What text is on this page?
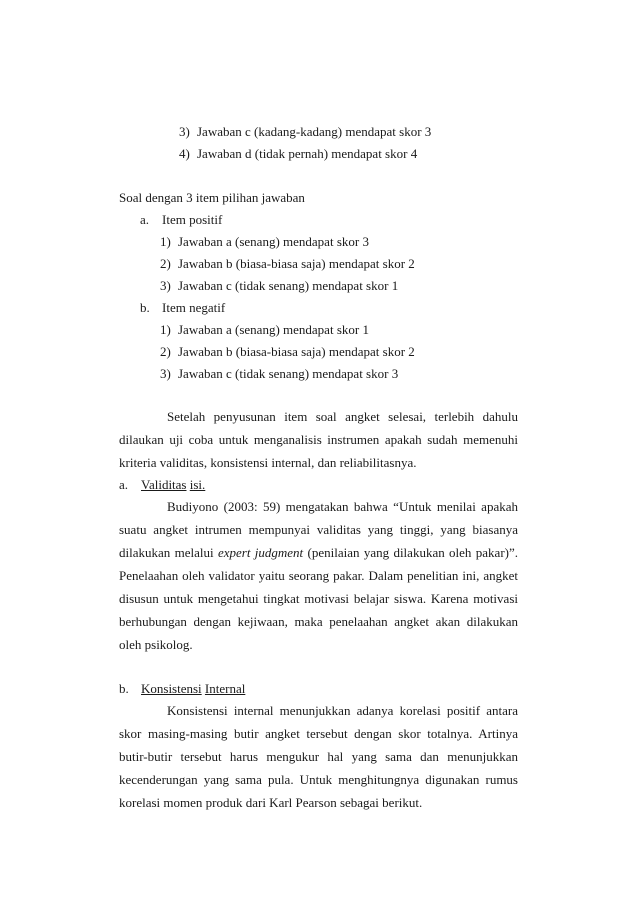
3) Jawaban c (kadang-kadang) mendapat skor 3
4) Jawaban d (tidak pernah) mendapat skor 4
Soal dengan 3 item pilihan jawaban
a. Item positif
1) Jawaban a (senang) mendapat skor 3
2) Jawaban b (biasa-biasa saja) mendapat skor 2
3) Jawaban c (tidak senang) mendapat skor 1
b. Item negatif
1) Jawaban a (senang) mendapat skor 1
2) Jawaban b (biasa-biasa saja) mendapat skor 2
3) Jawaban c (tidak senang) mendapat skor 3
Setelah penyusunan item soal angket selesai, terlebih dahulu
dilaukan uji coba untuk menganalisis instrumen apakah sudah memenuhi
kriteria validitas, konsistensi internal, dan reliabilitasnya.
a. Validitas isi.
Budiyono (2003: 59) mengatakan bahwa “Untuk menilai apakah
suatu angket intrumen mempunyai validitas yang tinggi, yang biasanya
dilakukan melalui expert judgment (penilaian yang dilakukan oleh pakar)”.
Penelaahan oleh validator yaitu seorang pakar. Dalam penelitian ini, angket
disusun untuk mengetahui tingkat motivasi belajar siswa. Karena motivasi
berhubungan dengan kejiwaan, maka penelaahan angket akan dilakukan
oleh psikolog.
b. Konsistensi Internal
Konsistensi internal menunjukkan adanya korelasi positif antara
skor masing-masing butir angket tersebut dengan skor totalnya. Artinya
butir-butir tersebut harus mengukur hal yang sama dan menunjukkan
kecenderungan yang sama pula. Untuk menghitungnya digunakan rumus
korelasi momen produk dari Karl Pearson sebagai berikut.
